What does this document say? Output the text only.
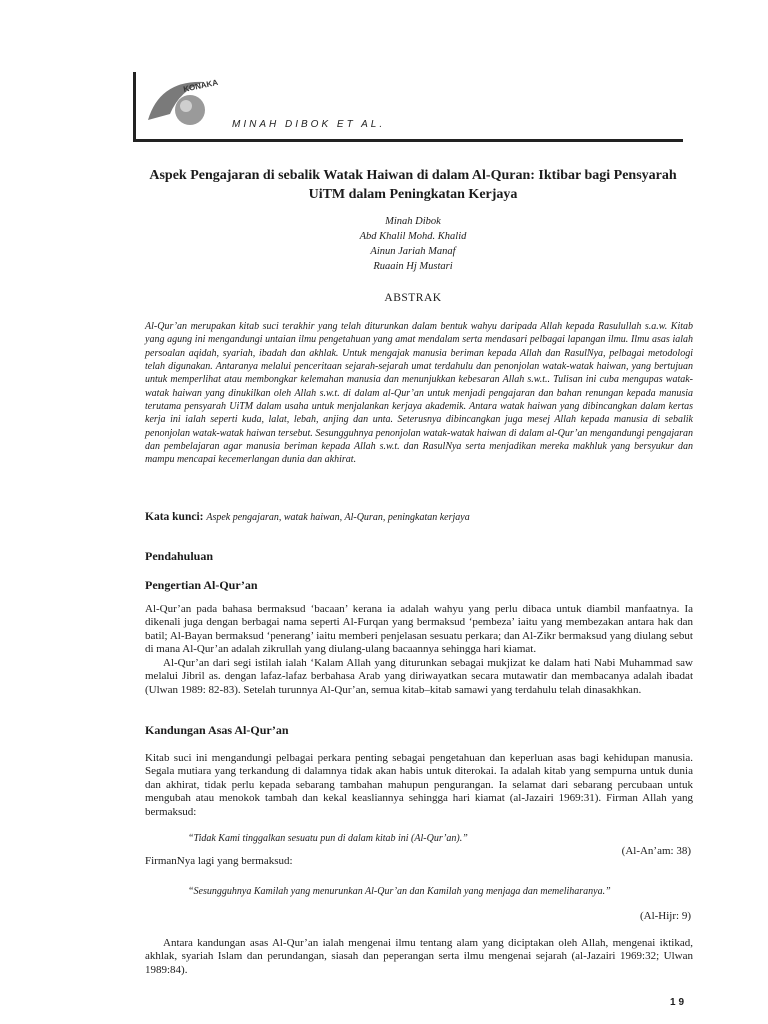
KONAKA
MINAH DIBOK ET AL.
Aspek Pengajaran di sebalik Watak Haiwan di dalam Al-Quran: Iktibar bagi Pensyarah UiTM dalam Peningkatan Kerjaya
Minah Dibok
Abd Khalil Mohd. Khalid
Ainun Jariah Manaf
Ruaain Hj Mustari
ABSTRAK

Al-Qur’an merupakan kitab suci terakhir yang telah diturunkan dalam bentuk wahyu daripada Allah kepada Rasulullah s.a.w. Kitab yang agung ini mengandungi untaian ilmu pengetahuan yang amat mendalam serta mendasari pelbagai lapangan ilmu. Ilmu asas ialah persoalan aqidah, syariah, ibadah dan akhlak. Untuk mengajak manusia beriman kepada Allah dan RasulNya, pelbagai metodologi telah digunakan. Antaranya melalui penceritaan sejarah-sejarah umat terdahulu dan penonjolan watak-watak haiwan, yang bertujuan untuk memperlihat atau membongkar kelemahan manusia dan menunjukkan kebesaran Allah s.w.t.. Tulisan ini cuba mengupas watak-watak haiwan yang dinukilkan oleh Allah s.w.t. di dalam al-Qur’an untuk menjadi pengajaran dan bahan renungan kepada manusia terutama pensyarah UiTM dalam usaha untuk menjalankan kerjaya akademik. Antara watak haiwan yang dibincangkan dalam kertas kerja ini ialah seperti kuda, lalat, lebah, anjing dan unta. Seterusnya dibincangkan juga mesej Allah kepada manusia di sebalik penonjolan watak-watak haiwan tersebut. Sesungguhnya penonjolan watak-watak haiwan di dalam al-Qur’an mengandungi pengajaran dan pembelajaran agar manusia beriman kepada Allah s.w.t. dan RasulNya serta menjadikan mereka makhluk yang bersyukur dan mampu mencapai kecemerlangan dunia dan akhirat.

Kata kunci: Aspek pengajaran, watak haiwan, Al-Quran, peningkatan kerjaya
Pendahuluan
Pengertian Al-Qur’an

Al-Qur’an pada bahasa bermaksud ‘bacaan’ kerana ia adalah wahyu yang perlu dibaca untuk diambil manfaatnya. Ia dikenali juga dengan berbagai nama seperti Al-Furqan yang bermaksud ‘pembeza’ iaitu yang membezakan antara hak dan batil; Al-Bayan bermaksud ‘penerang’ iaitu memberi penjelasan sesuatu perkara; dan Al-Zikr bermaksud yang diulang sebut di mana Al-Qur’an adalah zikrullah yang diulang-ulang bacaannya sehingga hari kiamat.

Al-Qur’an dari segi istilah ialah ‘Kalam Allah yang diturunkan sebagai mukjizat ke dalam hati Nabi Muhammad saw melalui Jibril as. dengan lafaz-lafaz berbahasa Arab yang diriwayatkan secara mutawatir dan membacanya adalah ibadat (Ulwan 1989: 82-83). Setelah turunnya Al-Qur’an, semua kitab–kitab samawi yang terdahulu telah dinasakhkan.

Kandungan Asas Al-Qur’an

Kitab suci ini mengandungi pelbagai perkara penting sebagai pengetahuan dan keperluan asas bagi kehidupan manusia. Segala mutiara yang terkandung di dalamnya tidak akan habis untuk diterokai. Ia adalah kitab yang sempurna untuk dunia dan akhirat, tidak perlu kepada sebarang tambahan mahupun pengurangan. Ia selamat dari sebarang percubaan untuk mengubah atau menokok tambah dan kekal keasliannya sehingga hari kiamat (al-Jazairi 1969:31). Firman Allah yang bermaksud:

“Tidak Kami tinggalkan sesuatu pun di dalam kitab ini (Al-Qur’an).”

(Al-An’am: 38)

FirmanNya lagi yang bermaksud:

“Sesungguhnya Kamilah yang menurunkan Al-Qur’an dan Kamilah yang menjaga dan memeliharanya.”

(Al-Hijr: 9)

Antara kandungan asas Al-Qur’an ialah mengenai ilmu tentang alam yang diciptakan oleh Allah, mengenai iktikad, akhlak, syariah Islam dan perundangan, siasah dan peperangan serta ilmu mengenai sejarah (al-Jazairi 1969:32; Ulwan 1989:84).

19
